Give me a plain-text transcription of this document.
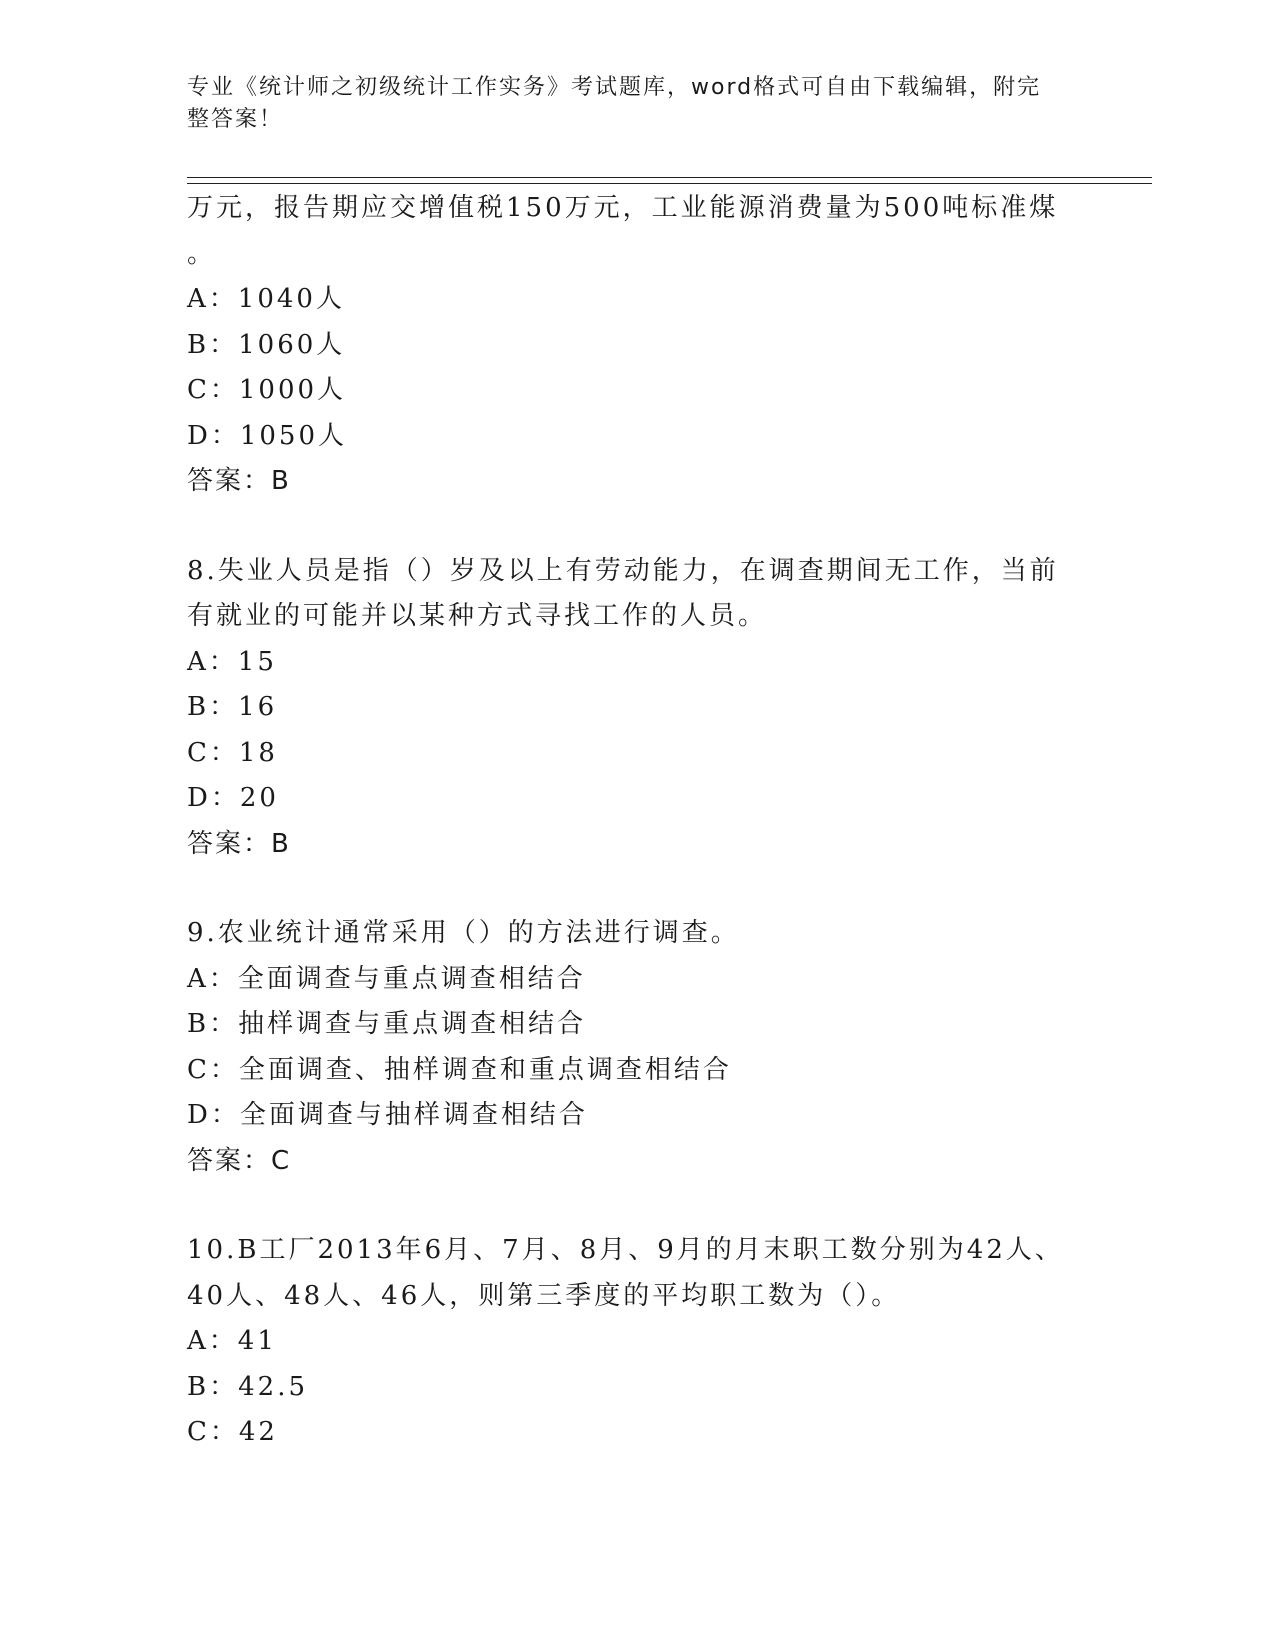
专业《统计师之初级统计工作实务》考试题库，word格式可自由下载编辑，附完
整答案！
万元，报告期应交增值税150万元，工业能源消费量为500吨标准煤
。
A：1040人
B：1060人
C：1000人
D：1050人
答案：B
8.失业人员是指（）岁及以上有劳动能力，在调查期间无工作，当前
有就业的可能并以某种方式寻找工作的人员。
A：15
B：16
C：18
D：20
答案：B
9.农业统计通常采用（）的方法进行调查。
A：全面调查与重点调查相结合
B：抽样调查与重点调查相结合
C：全面调查、抽样调查和重点调查相结合
D：全面调查与抽样调查相结合
答案：C
10.B工厂2013年6月、7月、8月、9月的月末职工数分别为42人、
40人、48人、46人，则第三季度的平均职工数为（）。
A：41
B：42.5
C：42
